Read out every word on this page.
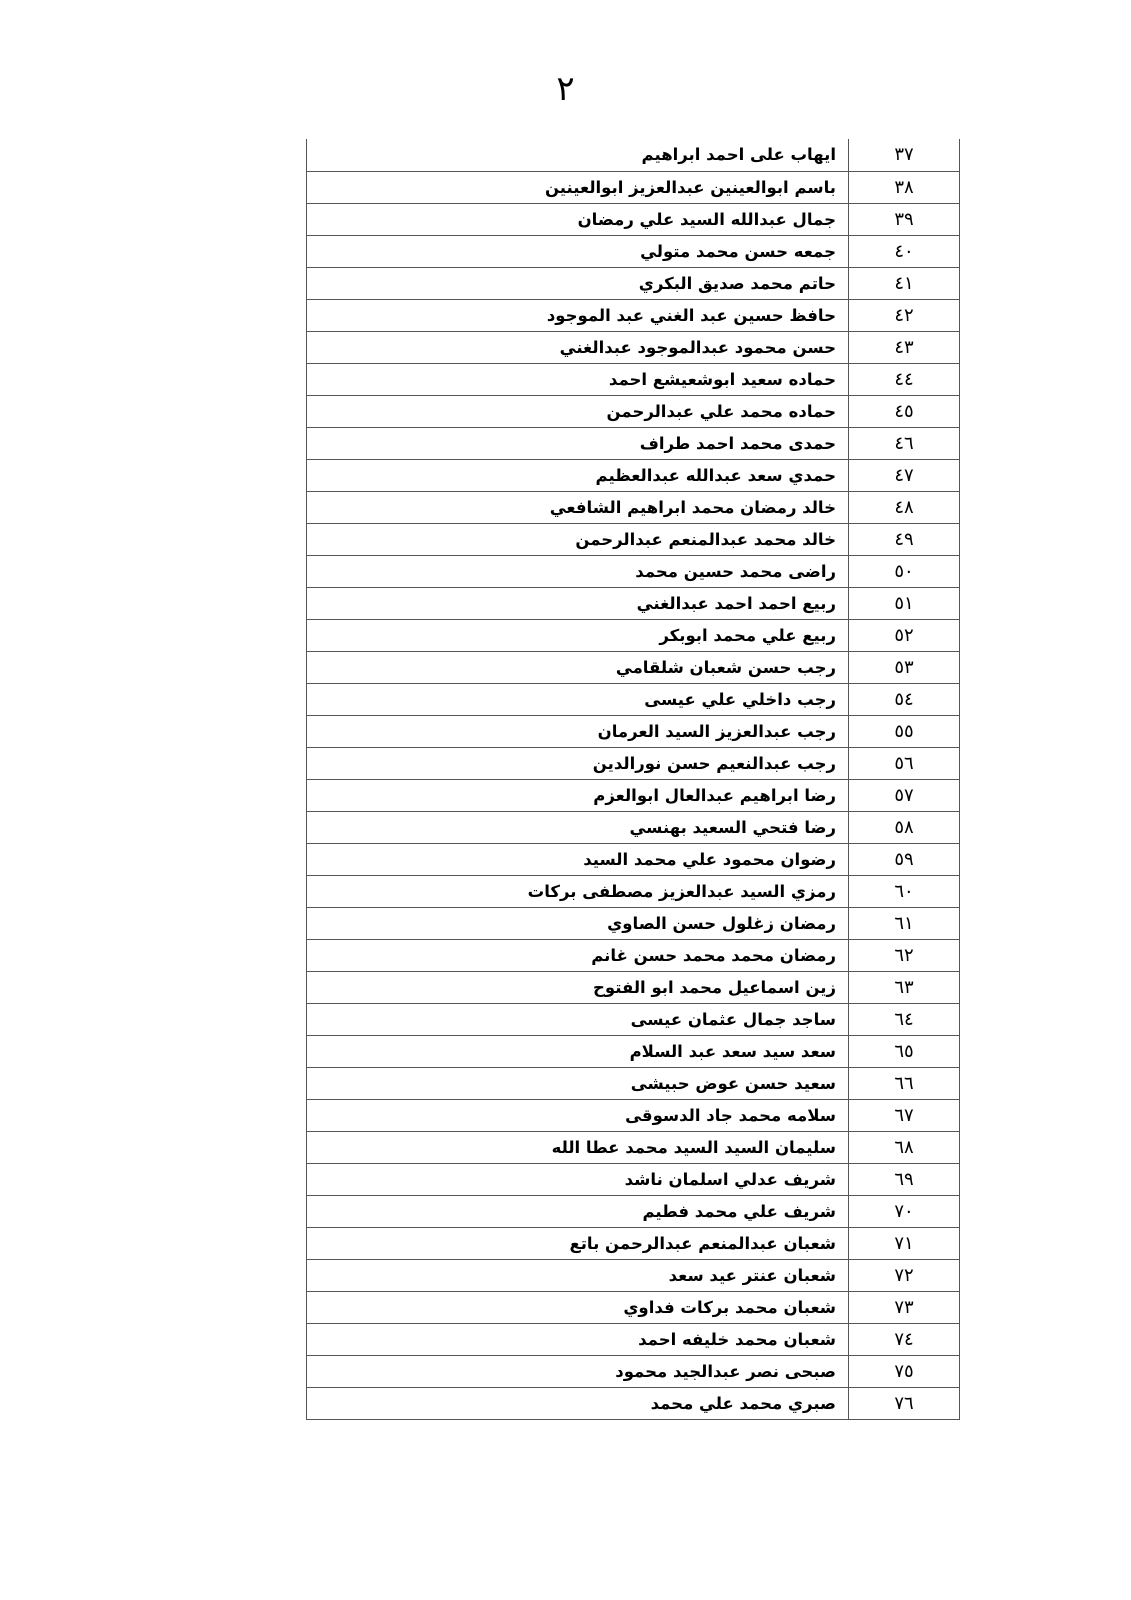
٢
٣٧	ايهاب على احمد ابراهيم
٣٨	باسم ابوالعينين عبدالعزيز ابوالعينين
٣٩	جمال عبدالله السيد علي رمضان
٤٠	جمعه حسن محمد متولي
٤١	حاتم محمد صديق البكري
٤٢	حافظ حسين عبد الغني عبد الموجود
٤٣	حسن محمود عبدالموجود عبدالغني
٤٤	حماده سعيد ابوشعيشع احمد
٤٥	حماده محمد علي عبدالرحمن
٤٦	حمدى محمد احمد طراف
٤٧	حمدي سعد عبدالله عبدالعظيم
٤٨	خالد رمضان محمد ابراهيم الشافعي
٤٩	خالد محمد عبدالمنعم عبدالرحمن
٥٠	راضى محمد حسين محمد
٥١	ربيع احمد احمد عبدالغني
٥٢	ربيع علي محمد ابوبكر
٥٣	رجب حسن شعبان شلقامي
٥٤	رجب داخلي علي عيسى
٥٥	رجب عبدالعزيز السيد العرمان
٥٦	رجب عبدالنعيم حسن نورالدين
٥٧	رضا ابراهيم عبدالعال ابوالعزم
٥٨	رضا فتحي السعيد بهنسي
٥٩	رضوان محمود علي محمد السيد
٦٠	رمزي السيد عبدالعزيز مصطفى بركات
٦١	رمضان زغلول حسن الصاوي
٦٢	رمضان محمد محمد حسن غانم
٦٣	زين اسماعيل محمد ابو الفتوح
٦٤	ساجد جمال عثمان عيسى
٦٥	سعد سيد سعد عبد السلام
٦٦	سعيد حسن عوض حبيشى
٦٧	سلامه محمد جاد الدسوقى
٦٨	سليمان السيد السيد محمد عطا الله
٦٩	شريف عدلي اسلمان ناشد
٧٠	شريف علي محمد فطيم
٧١	شعبان عبدالمنعم عبدالرحمن باتع
٧٢	شعبان عنتر عيد سعد
٧٣	شعبان محمد بركات فداوي
٧٤	شعبان محمد خليفه احمد
٧٥	صبحى نصر عبدالجيد محمود
٧٦	صبري محمد علي محمد
